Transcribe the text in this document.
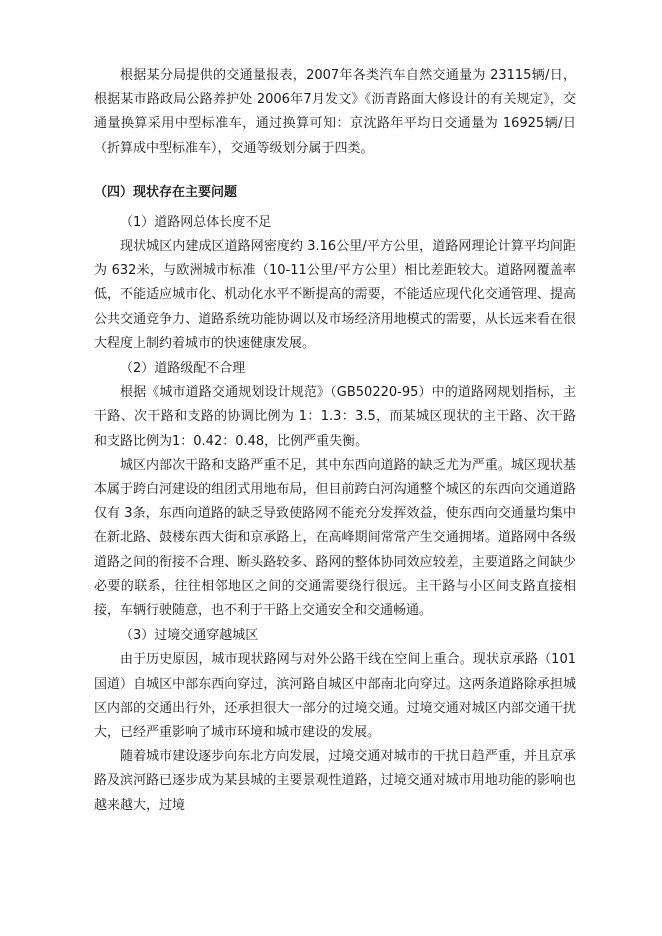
根据某分局提供的交通量报表，2007年各类汽车自然交通量为 23115辆/日，根据某市路政局公路养护处 2006年7月发文》《沥青路面大修设计的有关规定》，交通量换算采用中型标准车，通过换算可知：京沈路年平均日交通量为 16925辆/日（折算成中型标准车），交通等级划分属于四类。

（四）现状存在主要问题

（1）道路网总体长度不足

现状城区内建成区道路网密度约 3.16公里/平方公里，道路网理论计算平均间距为 632米，与欧洲城市标准（10-11公里/平方公里）相比差距较大。道路网覆盖率低，不能适应城市化、机动化水平不断提高的需要，不能适应现代化交通管理、提高公共交通竞争力、道路系统功能协调以及市场经济用地模式的需要，从长远来看在很大程度上制约着城市的快速健康发展。

（2）道路级配不合理

根据《城市道路交通规划设计规范》（GB50220-95）中的道路网规划指标，主干路、次干路和支路的协调比例为 1：1.3：3.5，而某城区现状的主干路、次干路和支路比例为1：0.42：0.48，比例严重失衡。

城区内部次干路和支路严重不足，其中东西向道路的缺乏尤为严重。城区现状基本属于跨白河建设的组团式用地布局，但目前跨白河沟通整个城区的东西向交通道路仅有 3条，东西向道路的缺乏导致使路网不能充分发挥效益，使东西向交通量均集中在新北路、鼓楼东西大街和京承路上，在高峰期间常常产生交通拥堵。道路网中各级道路之间的衔接不合理、断头路较多、路网的整体协同效应较差，主要道路之间缺少必要的联系，往往相邻地区之间的交通需要绕行很远。主干路与小区间支路直接相接，车辆行驶随意，也不利于干路上交通安全和交通畅通。

（3）过境交通穿越城区

由于历史原因，城市现状路网与对外公路干线在空间上重合。现状京承路（101国道）自城区中部东西向穿过，滨河路自城区中部南北向穿过。这两条道路除承担城区内部的交通出行外，还承担很大一部分的过境交通。过境交通对城区内部交通干扰大，已经严重影响了城市环境和城市建设的发展。

随着城市建设逐步向东北方向发展，过境交通对城市的干扰日趋严重，并且京承路及滨河路已逐步成为某县城的主要景观性道路，过境交通对城市用地功能的影响也越来越大，过境
